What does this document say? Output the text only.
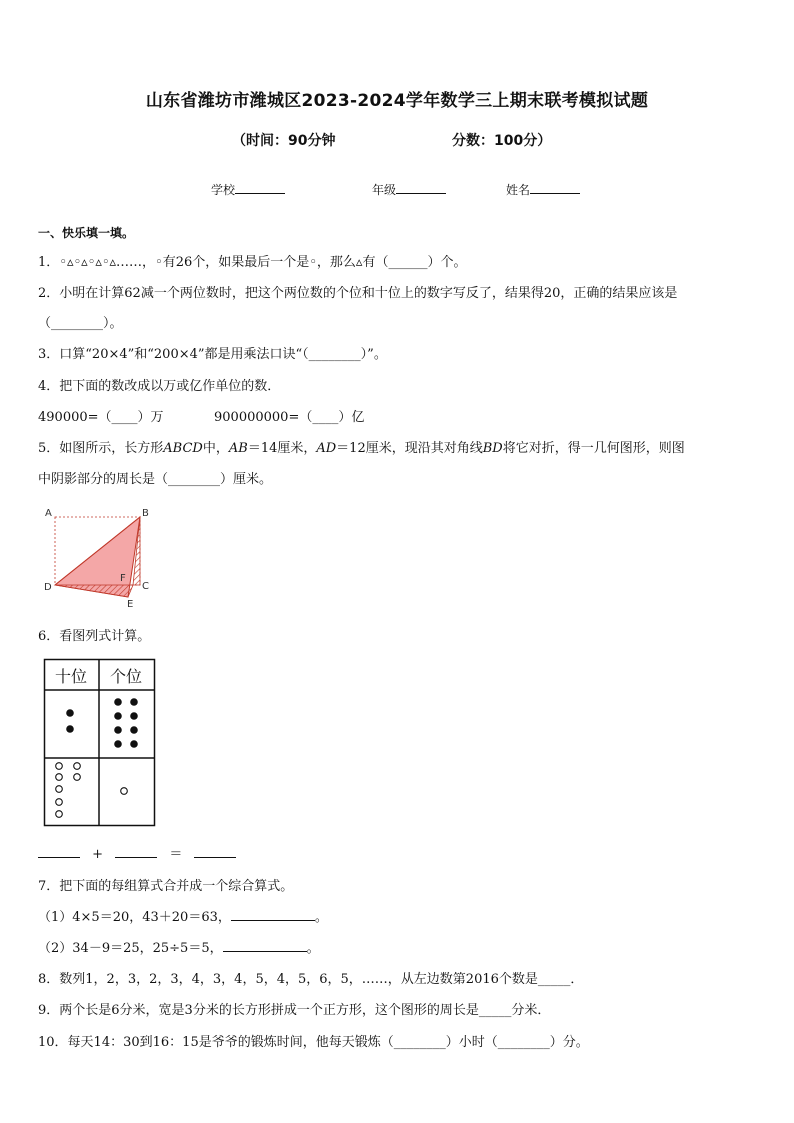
山东省潍坊市潍城区2023-2024学年数学三上期末联考模拟试题
（时间：90分钟	分数：100分）
学校	年级	姓名
一、快乐填一填。
1．◦▵◦▵◦▵◦▵……，◦有26个，如果最后一个是◦，那么▵有（______）个。
2．小明在计算62减一个两位数时，把这个两位数的个位和十位上的数字写反了，结果得20，正确的结果应该是
（________）。
3．口算“20×4”和“200×4”都是用乘法口诀“（________）”。
4．把下面的数改成以万或亿作单位的数．
490000=（____）万	900000000=（____）亿
5．如图所示，长方形ABCD中，AB＝14厘米，AD＝12厘米，现沿其对角线BD将它对折，得一几何图形，则图
中阴影部分的周长是（________）厘米。
A	B
C
D
E
F
6．看图列式计算。
十位 个位
+	＝
7．把下面的每组算式合并成一个综合算式。
（1）4×5＝20，43＋20＝63，	。
（2）34－9＝25，25÷5＝5，	。
8．数列1，2，3，2，3，4，3，4，5，4，5，6，5，……，从左边数第2016个数是_____．
9．两个长是6分米，宽是3分米的长方形拼成一个正方形，这个图形的周长是_____分米．
10．每天14：30到16：15是爷爷的锻炼时间，他每天锻炼（________）小时（________）分。
